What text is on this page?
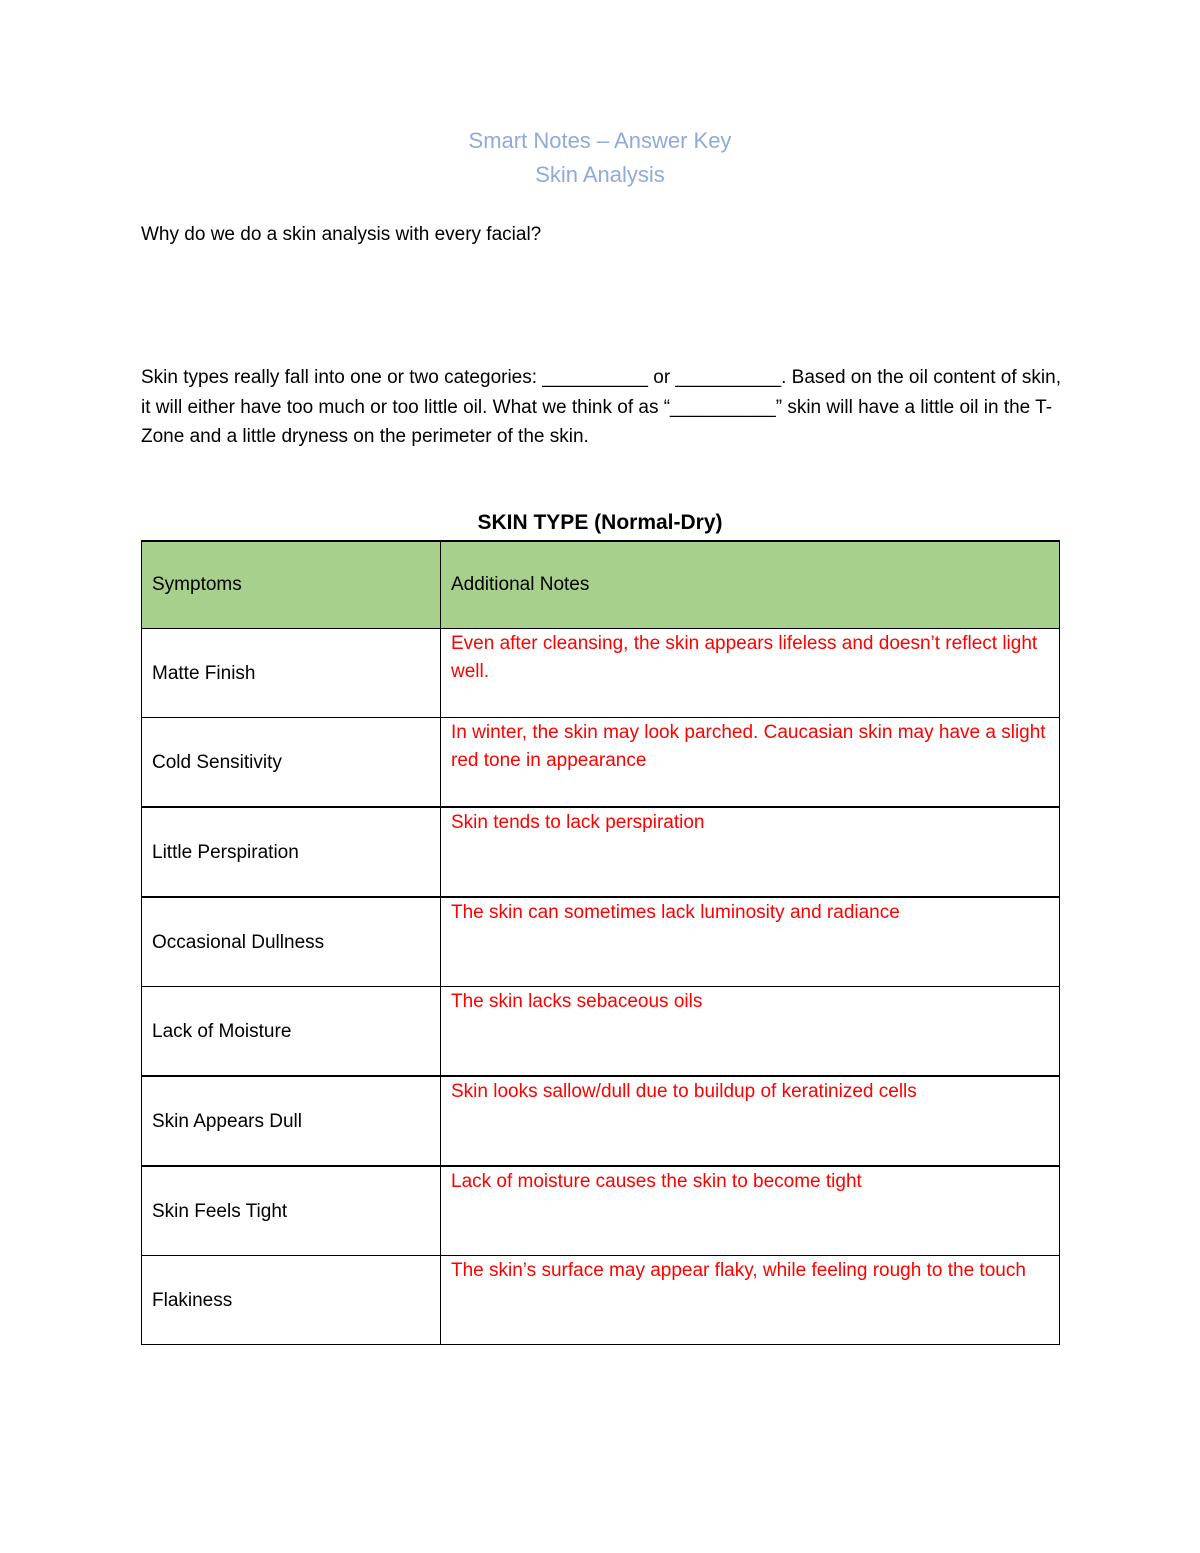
Smart Notes – Answer Key
Skin Analysis
Why do we do a skin analysis with every facial?
Skin types really fall into one or two categories: __________ or __________. Based on the oil content of skin, it will either have too much or too little oil. What we think of as “__________” skin will have a little oil in the T-Zone and a little dryness on the perimeter of the skin.
SKIN TYPE (Normal-Dry)
Symptoms	Additional Notes
Matte Finish	Even after cleansing, the skin appears lifeless and doesn’t reflect light well.
Cold Sensitivity	In winter, the skin may look parched. Caucasian skin may have a slight red tone in appearance
Little Perspiration	Skin tends to lack perspiration
Occasional Dullness	The skin can sometimes lack luminosity and radiance
Lack of Moisture	The skin lacks sebaceous oils
Skin Appears Dull	Skin looks sallow/dull due to buildup of keratinized cells
Skin Feels Tight	Lack of moisture causes the skin to become tight
Flakiness	The skin’s surface may appear flaky, while feeling rough to the touch
